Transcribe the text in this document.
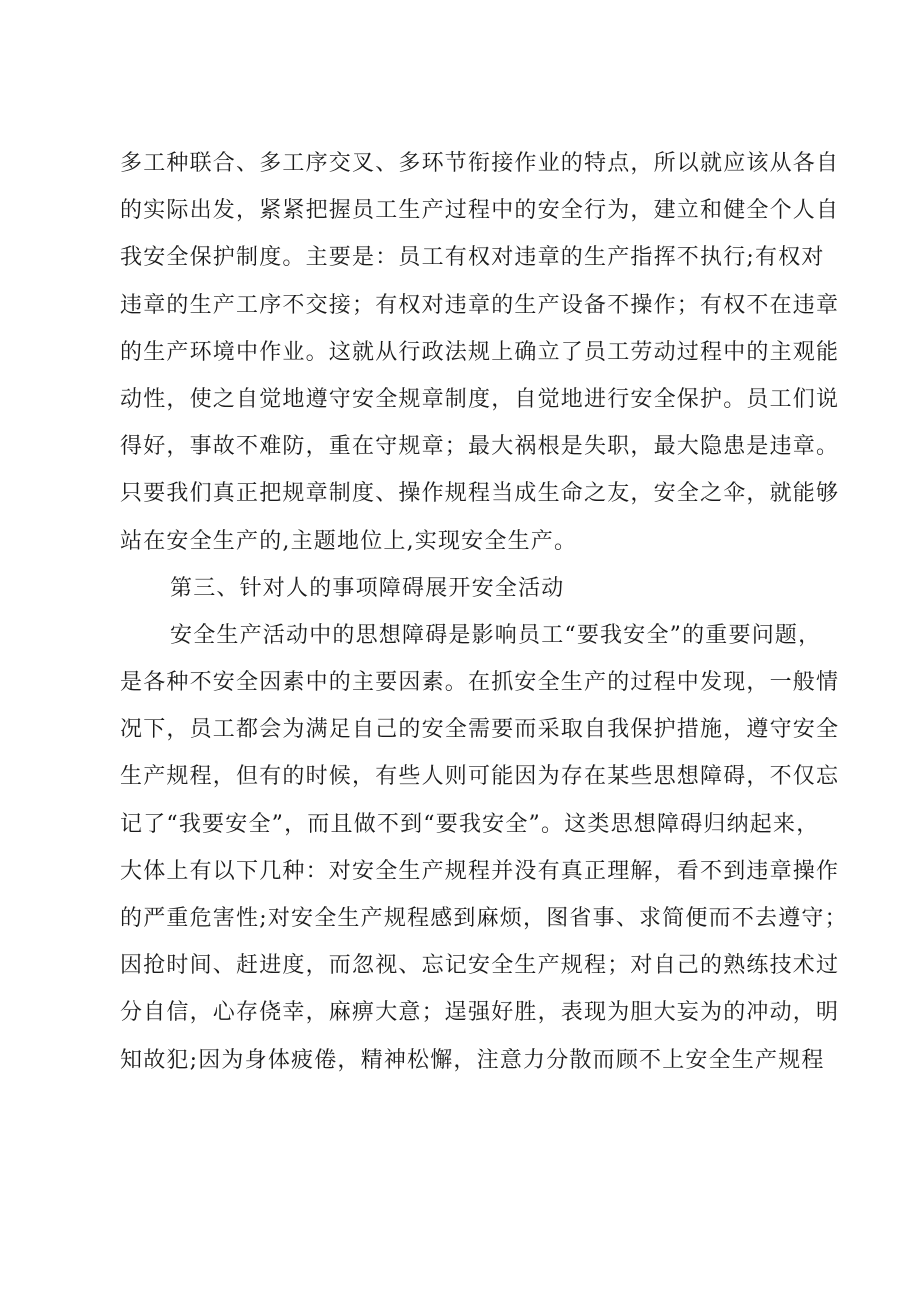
多工种联合、多工序交叉、多环节衔接作业的特点，所以就应该从各自
的实际出发，紧紧把握员工生产过程中的安全行为，建立和健全个人自
我安全保护制度。主要是：员工有权对违章的生产指挥不执行;有权对
违章的生产工序不交接；有权对违章的生产设备不操作；有权不在违章
的生产环境中作业。这就从行政法规上确立了员工劳动过程中的主观能
动性，使之自觉地遵守安全规章制度，自觉地进行安全保护。员工们说
得好，事故不难防，重在守规章；最大祸根是失职，最大隐患是违章。
只要我们真正把规章制度、操作规程当成生命之友，安全之伞，就能够
站在安全生产的,主题地位上,实现安全生产。
第三、针对人的事项障碍展开安全活动
安全生产活动中的思想障碍是影响员工“要我安全”的重要问题，
是各种不安全因素中的主要因素。在抓安全生产的过程中发现，一般情
况下，员工都会为满足自己的安全需要而采取自我保护措施，遵守安全
生产规程，但有的时候，有些人则可能因为存在某些思想障碍，不仅忘
记了“我要安全”，而且做不到“要我安全”。这类思想障碍归纳起来，
大体上有以下几种：对安全生产规程并没有真正理解，看不到违章操作
的严重危害性;对安全生产规程感到麻烦，图省事、求简便而不去遵守；
因抢时间、赶进度，而忽视、忘记安全生产规程；对自己的熟练技术过
分自信，心存侥幸，麻痹大意；逞强好胜，表现为胆大妄为的冲动，明
知故犯;因为身体疲倦，精神松懈，注意力分散而顾不上安全生产规程
